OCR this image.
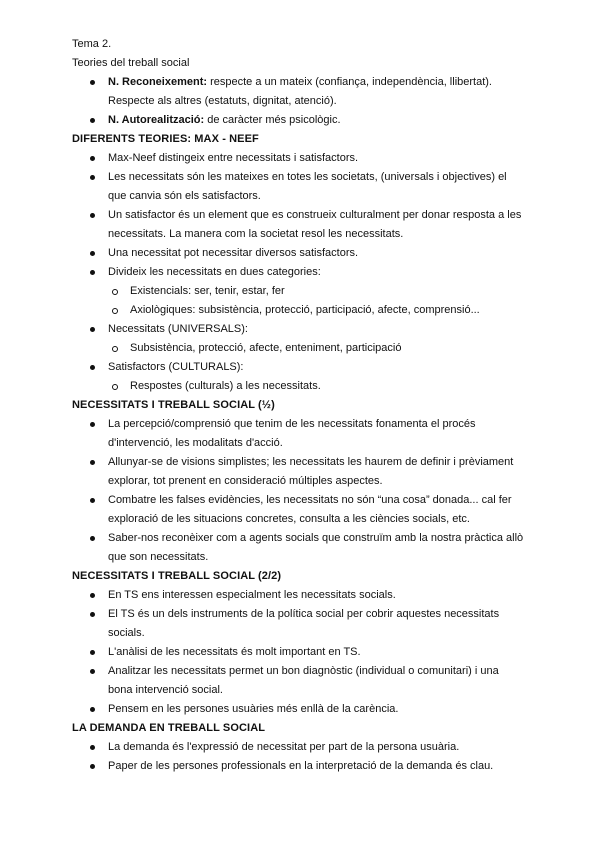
Tema 2.
Teories del treball social
N. Reconeixement: respecte a un mateix (confiança, independència, llibertat).
Respecte als altres (estatuts, dignitat, atenció).
N. Autorealització: de caràcter més psicològic.
DIFERENTS TEORIES: MAX - NEEF
Max-Neef distingeix entre necessitats i satisfactors.
Les necessitats són les mateixes en totes les societats, (universals i objectives) el
que canvia són els satisfactors.
Un satisfactor és un element que es construeix culturalment per donar resposta a les
necessitats. La manera com la societat resol les necessitats.
Una necessitat pot necessitar diversos satisfactors.
Divideix les necessitats en dues categories:
Existencials: ser, tenir, estar, fer
Axiològiques: subsistència, protecció, participació, afecte, comprensió...
Necessitats (UNIVERSALS):
Subsistència, protecció, afecte, enteniment, participació
Satisfactors (CULTURALS):
Respostes (culturals) a les necessitats.
NECESSITATS I TREBALL SOCIAL (½)
La percepció/comprensió que tenim de les necessitats fonamenta el procés
d'intervenció, les modalitats d'acció.
Allunyar-se de visions simplistes; les necessitats les haurem de definir i prèviament
explorar, tot prenent en consideració múltiples aspectes.
Combatre les falses evidències, les necessitats no són “una cosa” donada... cal fer
exploració de les situacions concretes, consulta a les ciències socials, etc.
Saber-nos reconèixer com a agents socials que construïm amb la nostra pràctica allò
que son necessitats.
NECESSITATS I TREBALL SOCIAL (2/2)
En TS ens interessen especialment les necessitats socials.
El TS és un dels instruments de la política social per cobrir aquestes necessitats
socials.
L'anàlisi de les necessitats és molt important en TS.
Analitzar les necessitats permet un bon diagnòstic (individual o comunitari) i una
bona intervenció social.
Pensem en les persones usuàries més enllà de la carència.
LA DEMANDA EN TREBALL SOCIAL
La demanda és l'expressió de necessitat per part de la persona usuària.
Paper de les persones professionals en la interpretació de la demanda és clau.
